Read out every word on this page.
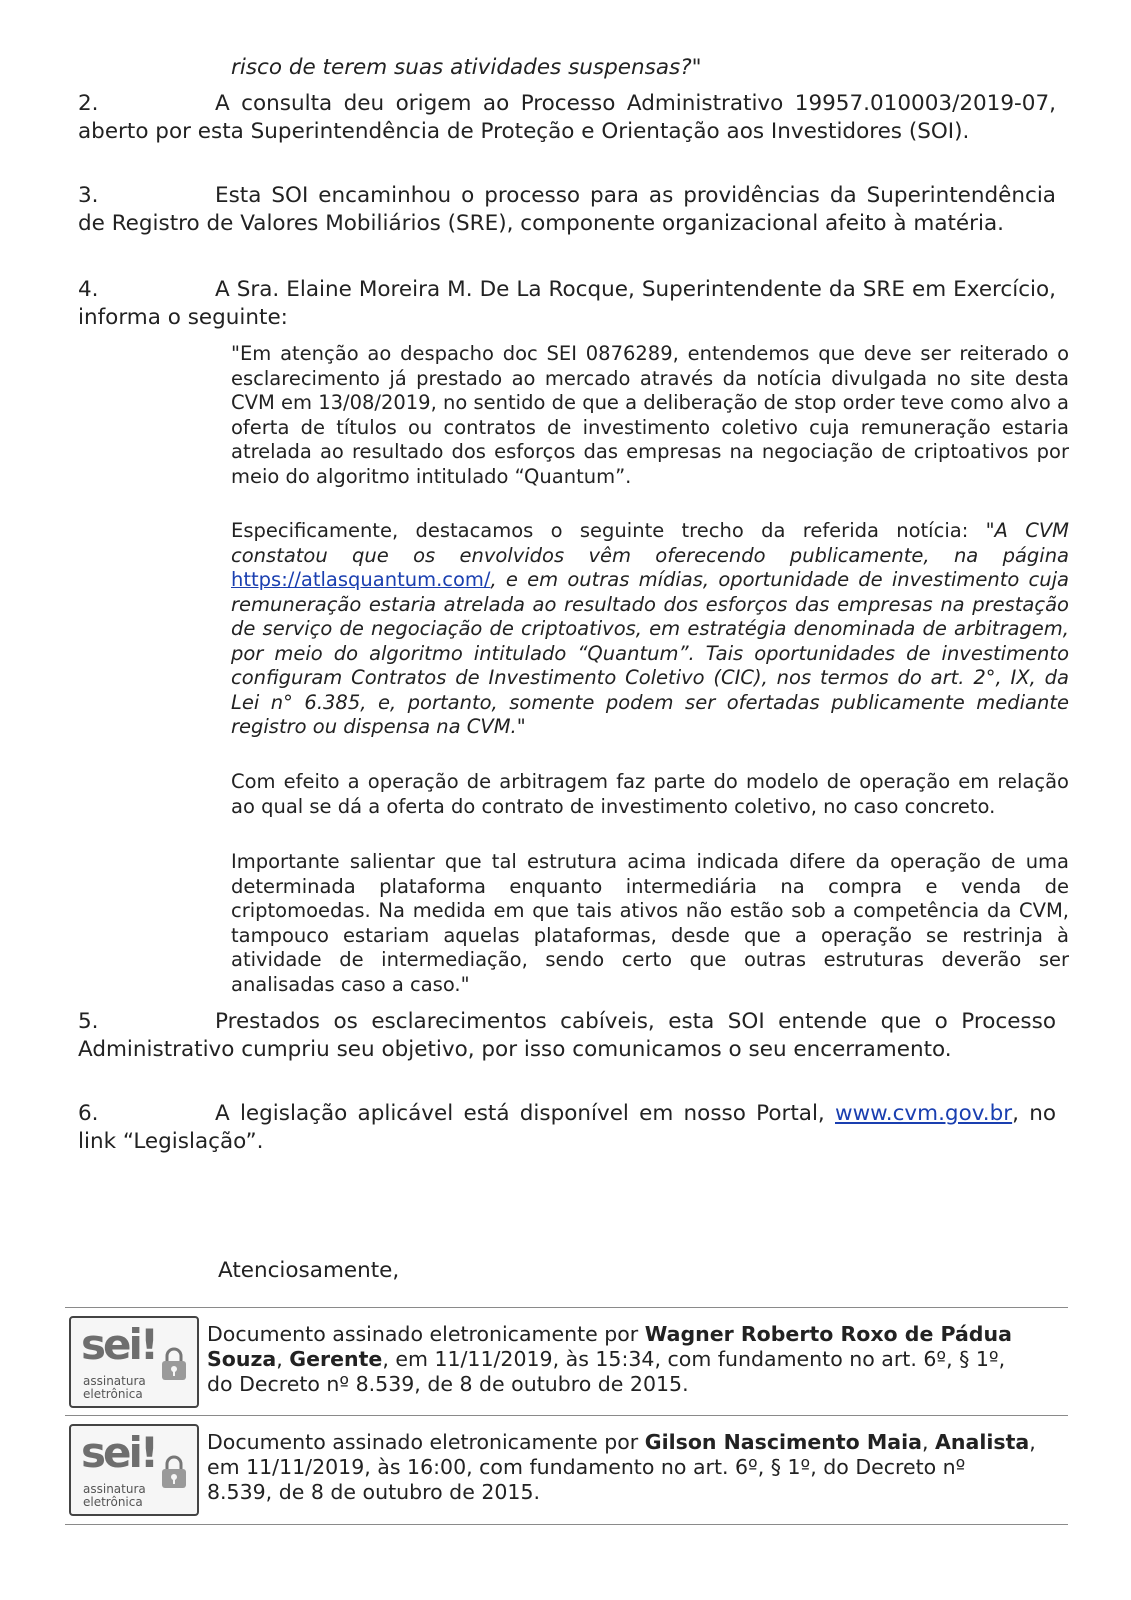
risco de terem suas atividades suspensas?"
2.	A consulta deu origem ao Processo Administrativo 19957.010003/2019-07, aberto por esta Superintendência de Proteção e Orientação aos Investidores (SOI).
3.	Esta SOI encaminhou o processo para as providências da Superintendência de Registro de Valores Mobiliários (SRE), componente organizacional afeito à matéria.
4.	A Sra. Elaine Moreira M. De La Rocque, Superintendente da SRE em Exercício, informa o seguinte:
"Em atenção ao despacho doc SEI 0876289, entendemos que deve ser reiterado o esclarecimento já prestado ao mercado através da notícia divulgada no site desta CVM em 13/08/2019, no sentido de que a deliberação de stop order teve como alvo a oferta de títulos ou contratos de investimento coletivo cuja remuneração estaria atrelada ao resultado dos esforços das empresas na negociação de criptoativos por meio do algoritmo intitulado “Quantum”.
Especificamente, destacamos o seguinte trecho da referida notícia: "A CVM constatou que os envolvidos vêm oferecendo publicamente, na página https://atlasquantum.com/, e em outras mídias, oportunidade de investimento cuja remuneração estaria atrelada ao resultado dos esforços das empresas na prestação de serviço de negociação de criptoativos, em estratégia denominada de arbitragem, por meio do algoritmo intitulado “Quantum”. Tais oportunidades de investimento configuram Contratos de Investimento Coletivo (CIC), nos termos do art. 2°, IX, da Lei n° 6.385, e, portanto, somente podem ser ofertadas publicamente mediante registro ou dispensa na CVM."
Com efeito a operação de arbitragem faz parte do modelo de operação em relação ao qual se dá a oferta do contrato de investimento coletivo, no caso concreto.
Importante salientar que tal estrutura acima indicada difere da operação de uma determinada plataforma enquanto intermediária na compra e venda de criptomoedas. Na medida em que tais ativos não estão sob a competência da CVM, tampouco estariam aquelas plataformas, desde que a operação se restrinja à atividade de intermediação, sendo certo que outras estruturas deverão ser analisadas caso a caso."
5.	Prestados os esclarecimentos cabíveis, esta SOI entende que o Processo Administrativo cumpriu seu objetivo, por isso comunicamos o seu encerramento.
6.	A legislação aplicável está disponível em nosso Portal, www.cvm.gov.br, no link “Legislação”.
Atenciosamente,
sei!
assinatura
eletrônica
Documento assinado eletronicamente por Wagner Roberto Roxo de Pádua Souza, Gerente, em 11/11/2019, às 15:34, com fundamento no art. 6º, § 1º, do Decreto nº 8.539, de 8 de outubro de 2015.
sei!
assinatura
eletrônica
Documento assinado eletronicamente por Gilson Nascimento Maia, Analista, em 11/11/2019, às 16:00, com fundamento no art. 6º, § 1º, do Decreto nº 8.539, de 8 de outubro de 2015.
